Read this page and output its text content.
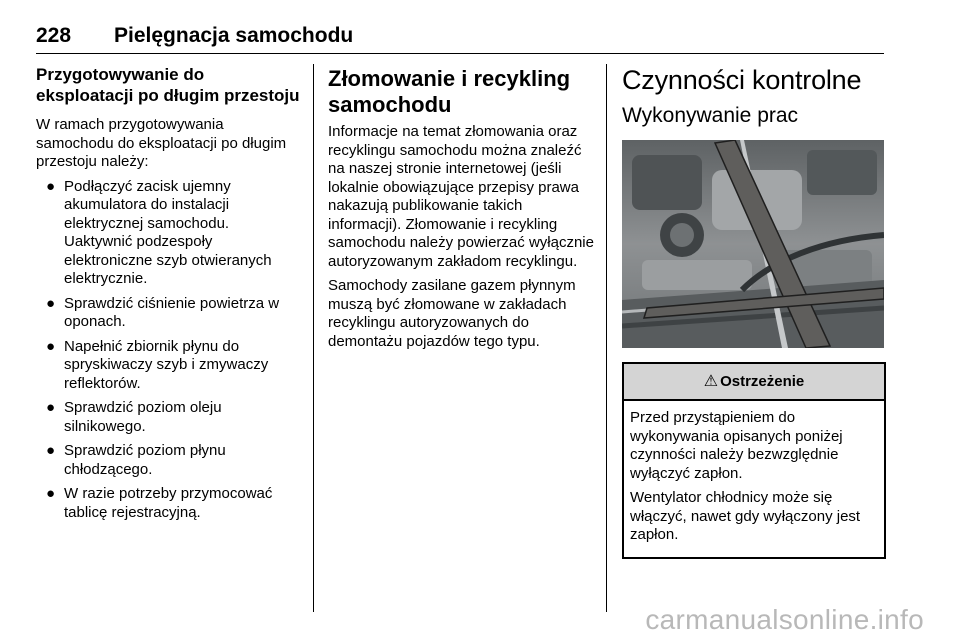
228 Pielęgnacja samochodu
Przygotowywanie do eksploatacji po długim przestoju

W ramach przygotowywania samochodu do eksploatacji po długim przestoju należy:

● Podłączyć zacisk ujemny akumulatora do instalacji elektrycznej samochodu. Uaktywnić podzespoły elektroniczne szyb otwieranych elektrycznie.
● Sprawdzić ciśnienie powietrza w oponach.
● Napełnić zbiornik płynu do spryskiwaczy szyb i zmywaczy reflektorów.
● Sprawdzić poziom oleju silnikowego.
● Sprawdzić poziom płynu chłodzącego.
● W razie potrzeby przymocować tablicę rejestracyjną.
Złomowanie i recykling samochodu

Informacje na temat złomowania oraz recyklingu samochodu można znaleźć na naszej stronie internetowej (jeśli lokalnie obowiązujące przepisy prawa nakazują publikowanie takich informacji). Złomowanie i recykling samochodu należy powierzać wyłącznie autoryzowanym zakładom recyklingu.

Samochody zasilane gazem płynnym muszą być złomowane w zakładach recyklingu autoryzowanych do demontażu pojazdów tego typu.

Czynności kontrolne
Wykonywanie prac
⚠ Ostrzeżenie

Przed przystąpieniem do wykonywania opisanych poniżej czynności należy bezwzględnie wyłączyć zapłon.

Wentylator chłodnicy może się włączyć, nawet gdy wyłączony jest zapłon.

carmanualsonline.info
